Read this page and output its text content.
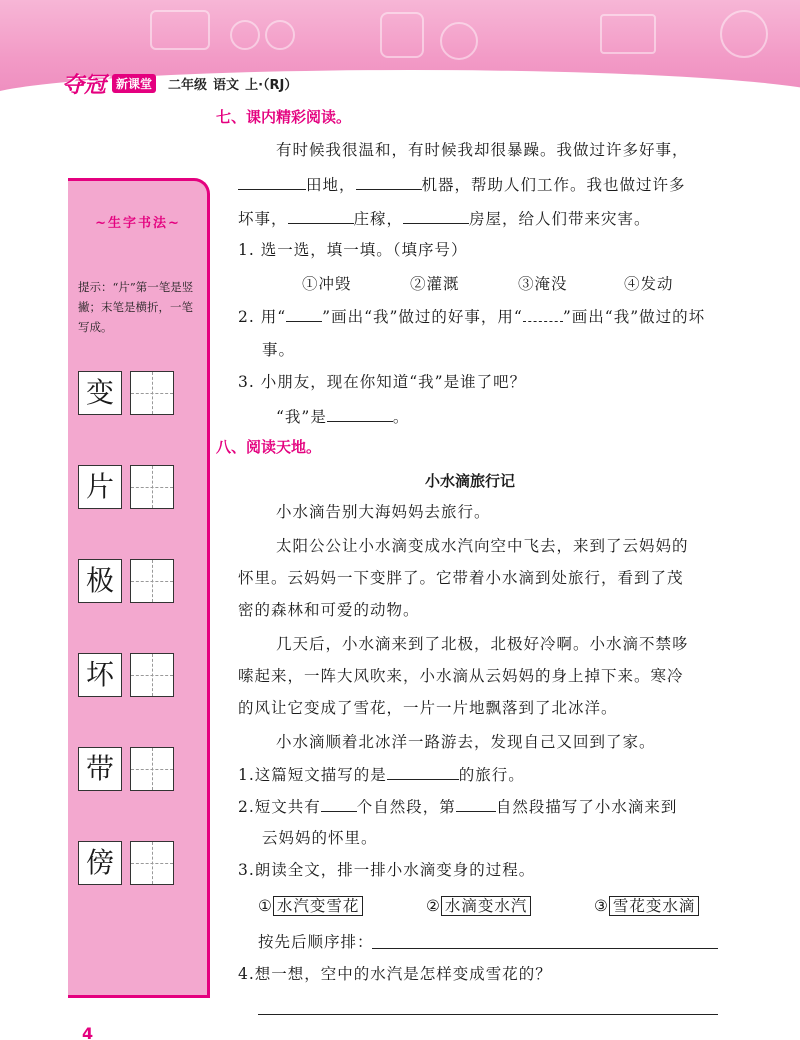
夺冠 新课堂	二年级 语文 上·（RJ）
~ 生字书法 ~
提示：“片”第一笔是竖撇；末笔是横折，一笔写成。
变
片
极
坏
带
傍
七、课内精彩阅读。
有时候我很温和，有时候我却很暴躁。我做过许多好事，
田地，	机器，帮助人们工作。我也做过许多
坏事，	庄稼，	房屋，给人们带来灾害。
1. 选一选，填一填。（填序号）
①冲毁	②灌溉	③淹没	④发动
2. 用“ ”画出“我”做过的好事，用“	”画出“我”做过的坏
事。
3. 小朋友，现在你知道“我”是谁了吧？
“我”是	。
八、阅读天地。
小水滴旅行记
小水滴告别大海妈妈去旅行。
太阳公公让小水滴变成水汽向空中飞去，来到了云妈妈的
怀里。云妈妈一下变胖了。它带着小水滴到处旅行，看到了茂
密的森林和可爱的动物。
几天后，小水滴来到了北极，北极好冷啊。小水滴不禁哆
嗦起来，一阵大风吹来，小水滴从云妈妈的身上掉下来。寒冷
的风让它变成了雪花，一片一片地飘落到了北冰洋。
小水滴顺着北冰洋一路游去，发现自己又回到了家。
1.这篇短文描写的是	的旅行。
2.短文共有 个自然段，第	自然段描写了小水滴来到
云妈妈的怀里。
3.朗读全文，排一排小水滴变身的过程。
① 水汽变雪花	② 水滴变水汽	③ 雪花变水滴
按先后顺序排：
4.想一想，空中的水汽是怎样变成雪花的？
4
